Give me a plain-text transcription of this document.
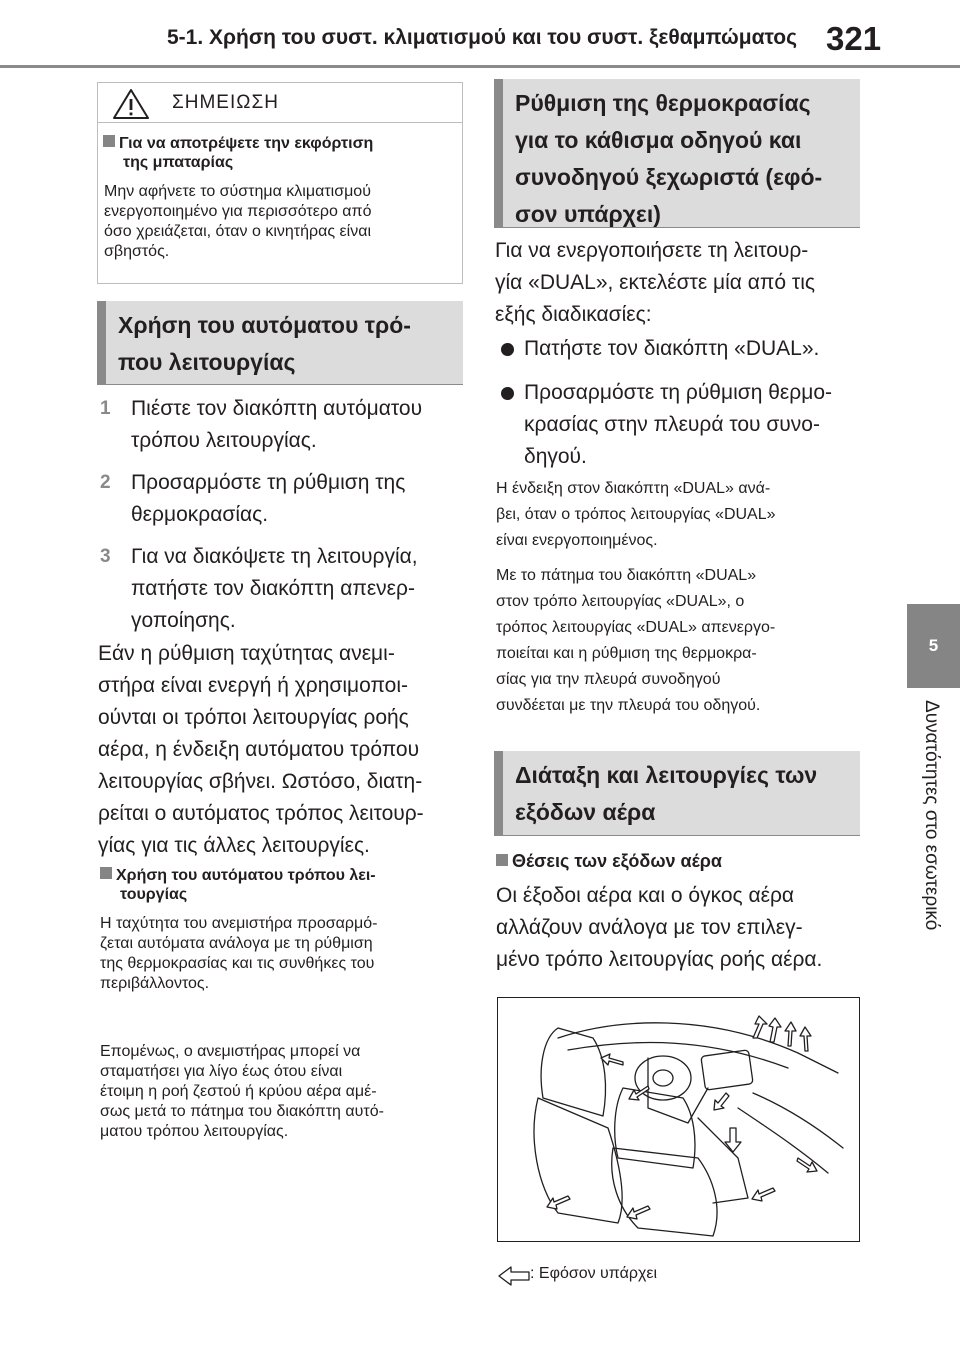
5-1. Χρήση του συστ. κλιματισμού και του συστ. ξεθαμπώματος 321
5
Δυνατότητες στο εσωτερικό
ΣΗΜΕΙΩΣΗ
Για να αποτρέψετε την εκφόρτιση
της μπαταρίας
Μην αφήνετε το σύστημα κλιματισμού
ενεργοποιημένο για περισσότερο από
όσο χρειάζεται, όταν ο κινητήρας είναι
σβηστός.
Χρήση του αυτόματου τρό-
που λειτουργίας
1 Πιέστε τον διακόπτη αυτόματου
τρόπου λειτουργίας.
2 Προσαρμόστε τη ρύθμιση της
θερμοκρασίας.
3 Για να διακόψετε τη λειτουργία,
πατήστε τον διακόπτη απενερ-
γοποίησης.
Εάν η ρύθμιση ταχύτητας ανεμι-
στήρα είναι ενεργή ή χρησιμοποι-
ούνται οι τρόποι λειτουργίας ροής
αέρα, η ένδειξη αυτόματου τρόπου
λειτουργίας σβήνει. Ωστόσο, διατη-
ρείται ο αυτόματος τρόπος λειτουρ-
γίας για τις άλλες λειτουργίες.
Χρήση του αυτόματου τρόπου λει-
τουργίας
Η ταχύτητα του ανεμιστήρα προσαρμό-
ζεται αυτόματα ανάλογα με τη ρύθμιση
της θερμοκρασίας και τις συνθήκες του
περιβάλλοντος.
Επομένως, ο ανεμιστήρας μπορεί να
σταματήσει για λίγο έως ότου είναι
έτοιμη η ροή ζεστού ή κρύου αέρα αμέ-
σως μετά το πάτημα του διακόπτη αυτό-
ματου τρόπου λειτουργίας.
Ρύθμιση της θερμοκρασίας
για το κάθισμα οδηγού και
συνοδηγού ξεχωριστά (εφό-
σον υπάρχει)
Για να ενεργοποιήσετε τη λειτουρ-
γία «DUAL», εκτελέστε μία από τις
εξής διαδικασίες:
Πατήστε τον διακόπτη «DUAL».
Προσαρμόστε τη ρύθμιση θερμο-
κρασίας στην πλευρά του συνο-
δηγού.
Η ένδειξη στον διακόπτη «DUAL» ανά-
βει, όταν ο τρόπος λειτουργίας «DUAL»
είναι ενεργοποιημένος.
Με το πάτημα του διακόπτη «DUAL»
στον τρόπο λειτουργίας «DUAL», ο
τρόπος λειτουργίας «DUAL» απενεργο-
ποιείται και η ρύθμιση της θερμοκρα-
σίας για την πλευρά συνοδηγού
συνδέεται με την πλευρά του οδηγού.
Διάταξη και λειτουργίες των
εξόδων αέρα
Θέσεις των εξόδων αέρα
Οι έξοδοι αέρα και ο όγκος αέρα
αλλάζουν ανάλογα με τον επιλεγ-
μένο τρόπο λειτουργίας ροής αέρα.
: Εφόσον υπάρχει
